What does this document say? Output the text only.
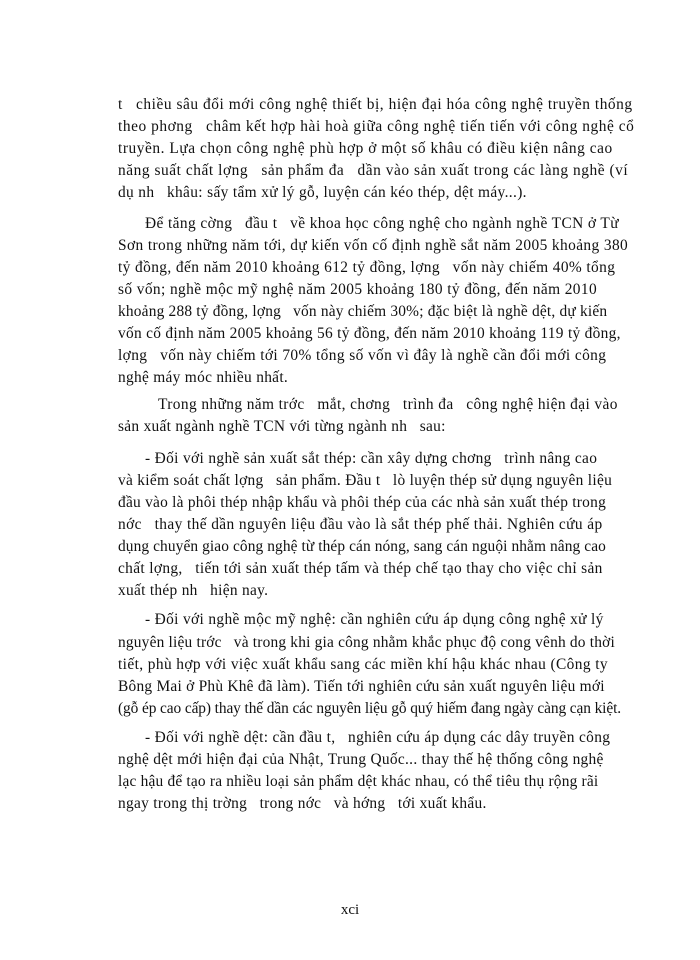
t   chiều sâu đổi mới công nghệ thiết bị, hiện đại hóa công nghệ truyền thống

theo phơng   châm kết hợp hài hoà giữa công nghệ tiến tiến với công nghệ cổ

truyền. Lựa chọn công nghệ phù hợp ở một số khâu có điều kiện nâng cao

năng suất chất lợng   sản phẩm đa   dần vào sản xuất trong các làng nghề (ví

dụ nh   khâu: sấy tẩm xử lý gỗ, luyện cán kéo thép, dệt máy...).

Để tăng cờng   đầu t   về khoa học công nghệ cho ngành nghề TCN ở Từ

Sơn trong những năm tới, dự kiến vốn cố định nghề sắt năm 2005 khoảng 380

tỷ đồng, đến năm 2010 khoảng 612 tỷ đồng, lợng   vốn này chiếm 40% tổng

số vốn; nghề mộc mỹ nghệ năm 2005 khoảng 180 tỷ đồng, đến năm 2010

khoảng 288 tỷ đồng, lợng   vốn này chiếm 30%; đặc biệt là nghề dệt, dự kiến

vốn cố định năm 2005 khoảng 56 tỷ đồng, đến năm 2010 khoảng 119 tỷ đồng,

lợng   vốn này chiếm tới 70% tổng số vốn vì đây là nghề cần đổi mới công

nghệ máy móc nhiều nhất.

Trong những năm trớc   mắt, chơng   trình đa   công nghệ hiện đại vào

sản xuất ngành nghề TCN với từng ngành nh   sau:

- Đối với nghề sản xuất sắt thép: cần xây dựng chơng   trình nâng cao

và kiểm soát chất lợng   sản phẩm. Đầu t   lò luyện thép sử dụng nguyên liệu

đầu vào là phôi thép nhập khẩu và phôi thép của các nhà sản xuất thép trong

nớc   thay thế dần nguyên liệu đầu vào là sắt thép phế thải. Nghiên cứu áp

dụng chuyển giao công nghệ từ thép cán nóng, sang cán nguội nhằm nâng cao

chất lợng,   tiến tới sản xuất thép tấm và thép chế tạo thay cho việc chỉ sản

xuất thép nh   hiện nay.

- Đối với nghề mộc mỹ nghệ: cần nghiên cứu áp dụng công nghệ xử lý

nguyên liệu trớc   và trong khi gia công nhằm khắc phục độ cong vênh do thời

tiết, phù hợp với việc xuất khẩu sang các miền khí hậu khác nhau (Công ty

Bông Mai ở Phù Khê đã làm). Tiến tới nghiên cứu sản xuất nguyên liệu mới

(gỗ ép cao cấp) thay thế dần các nguyên liệu gỗ quý hiếm đang ngày càng cạn kiệt.

- Đối với nghề dệt: cần đầu t,   nghiên cứu áp dụng các dây truyền công

nghệ dệt mới hiện đại của Nhật, Trung Quốc... thay thế hệ thống công nghệ

lạc hậu để tạo ra nhiều loại sản phẩm dệt khác nhau, có thể tiêu thụ rộng rãi

ngay trong thị trờng   trong nớc   và hớng   tới xuất khẩu.

xci
